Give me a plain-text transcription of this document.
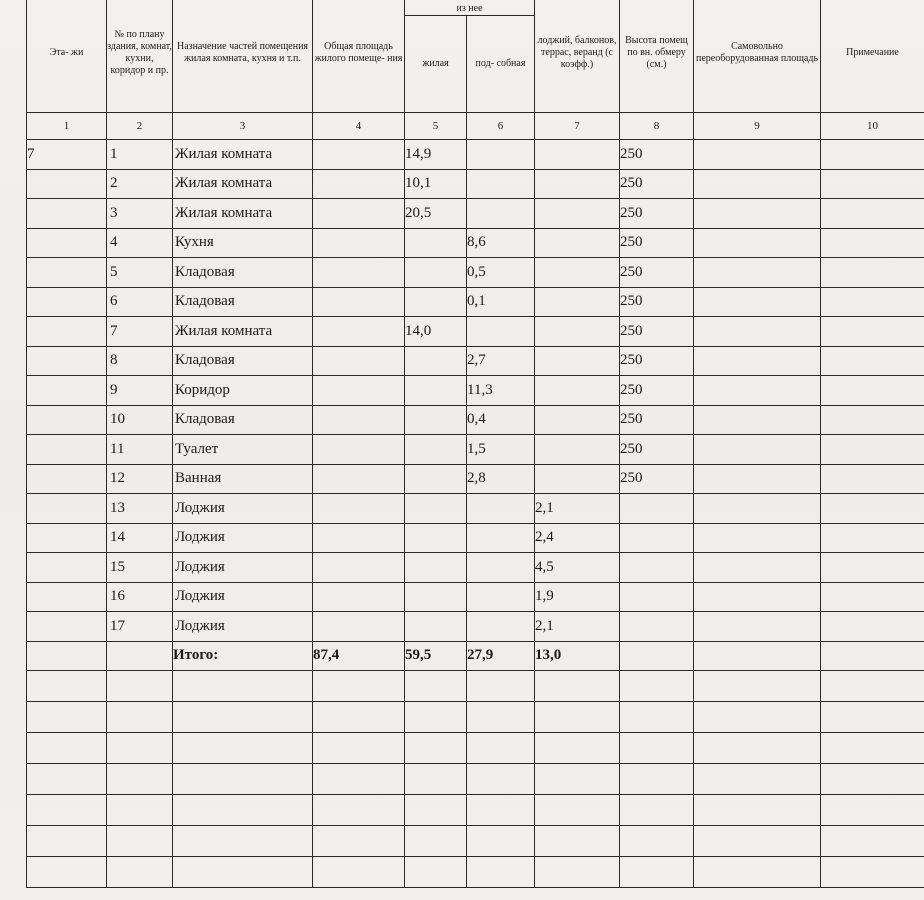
Эта- жи	№ по плану здания, комнат, кухни, коридор и пр.	Назначение частей помещения жилая комната, кухня и т.п.	Общая площадь жилого помеще- ния	из нее		лоджий, балконов, террас, веранд (с коэфф.)	Высота помещ по вн. обмеру (см.)	Самовольно переоборудованная площадь	Примечание
				жилая	под- собная				
1	2	3	4	5	6	7	8	9	10
7	1	Жилая комната		14,9			250		
	2	Жилая комната		10,1			250		
	3	Жилая комната		20,5			250		
	4	Кухня			8,6		250		
	5	Кладовая			0,5		250		
	6	Кладовая			0,1		250		
	7	Жилая комната		14,0			250		
	8	Кладовая			2,7		250		
	9	Коридор			11,3		250		
	10	Кладовая			0,4		250		
	11	Туалет			1,5		250		
	12	Ванная			2,8		250		
	13	Лоджия				2,1			
	14	Лоджия				2,4			
	15	Лоджия				4,5			
	16	Лоджия				1,9			
	17	Лоджия				2,1			
		Итого:	87,4	59,5	27,9	13,0			
